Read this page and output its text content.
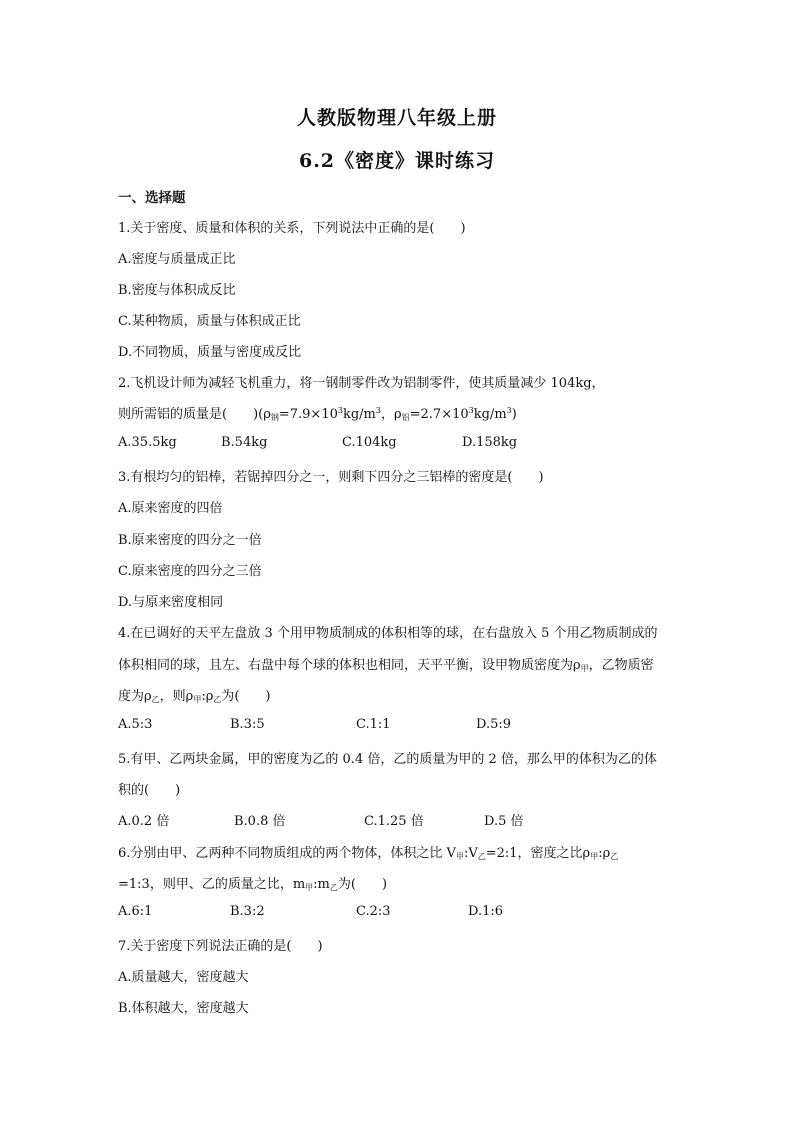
人教版物理八年级上册
6.2《密度》课时练习
一、选择题
1.关于密度、质量和体积的关系，下列说法中正确的是(　　)
A.密度与质量成正比
B.密度与体积成反比
C.某种物质，质量与体积成正比
D.不同物质，质量与密度成反比
2.飞机设计师为减轻飞机重力，将一钢制零件改为铝制零件，使其质量减少 104kg，
则所需铝的质量是(　　)($\rho_钢=7.9\times 10^3kg/m^3$，$\rho_铝=2.7\times 10^3kg/m^3$)
A.35.5kg	B.54kg	C.104kg	D.158kg
3.有根均匀的铝棒，若锯掉四分之一，则剩下四分之三铝棒的密度是(　　)
A.原来密度的四倍
B.原来密度的四分之一倍
C.原来密度的四分之三倍
D.与原来密度相同
4.在已调好的天平左盘放 3 个用甲物质制成的体积相等的球，在右盘放入 5 个用乙物质制成的
体积相同的球，且左、右盘中每个球的体积也相同，天平平衡，设甲物质密度为$\rho_甲$，乙物质密
度为$\rho_乙$，则$\rho_甲:\rho_乙$为(　　)
A.5:3	B.3:5	C.1:1	D.5:9
5.有甲、乙两块金属，甲的密度为乙的 0.4 倍，乙的质量为甲的 2 倍，那么甲的体积为乙的体
积的(　　)
A.0.2 倍	B.0.8 倍	C.1.25 倍	D.5 倍
6.分别由甲、乙两种不同物质组成的两个物体，体积之比 $V_甲:V_乙=2:1$，密度之比$\rho_甲:\rho_乙$
=1:3，则甲、乙的质量之比，$m_甲:m_乙$为(　　)
A.6:1	B.3:2	C.2:3	D.1:6
7.关于密度下列说法正确的是(　　)
A.质量越大，密度越大
B.体积越大，密度越大
